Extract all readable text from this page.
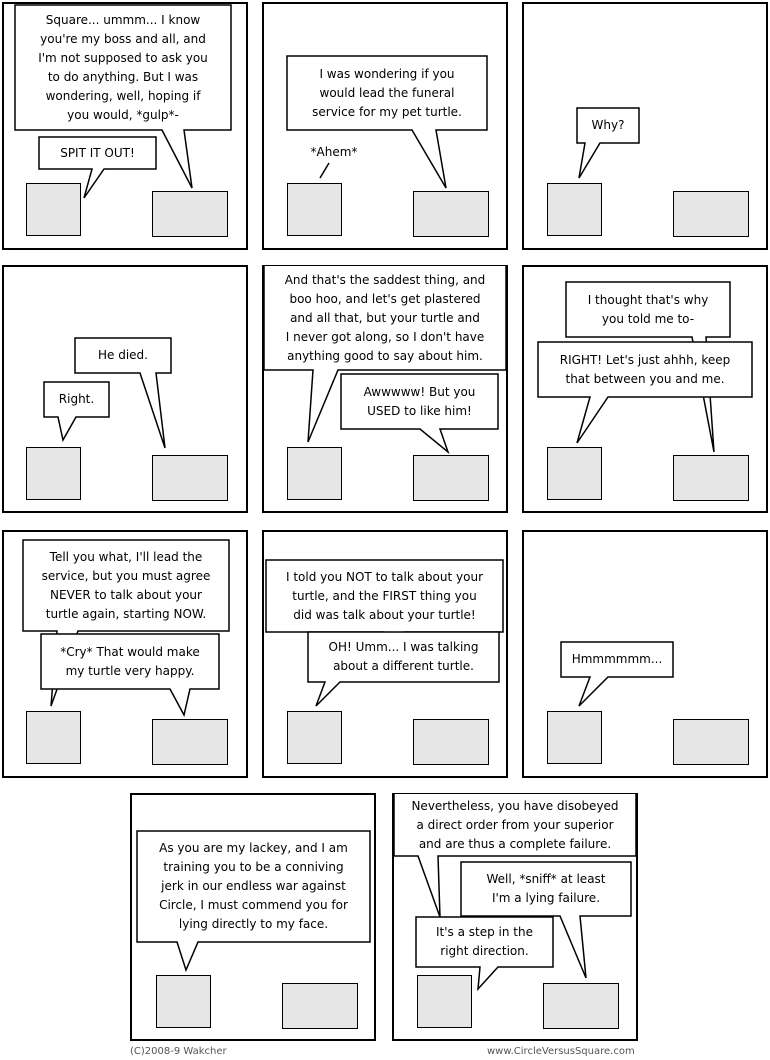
Square... ummm... I know
you're my boss and all, and
I'm not supposed to ask you
to do anything. But I was
wondering, well, hoping if
you would, *gulp*-
SPIT IT OUT!
I was wondering if you
would lead the funeral
service for my pet turtle.
*Ahem*
Why?
He died.
Right.
And that's the saddest thing, and
boo hoo, and let's get plastered
and all that, but your turtle and
I never got along, so I don't have
anything good to say about him.
Awwwww! But you
USED to like him!
I thought that's why
you told me to-
RIGHT! Let's just ahhh, keep
that between you and me.
Tell you what, I'll lead the
service, but you must agree
NEVER to talk about your
turtle again, starting NOW.
*Cry* That would make
my turtle very happy.
I told you NOT to talk about your
turtle, and the FIRST thing you
did was talk about your turtle!
OH! Umm... I was talking
about a different turtle.	Hmmmmmm...
As you are my lackey, and I am
training you to be a conniving
jerk in our endless war against
Circle, I must commend you for
lying directly to my face.
Nevertheless, you have disobeyed
a direct order from your superior
and are thus a complete failure.
Well, *sniff* at least
I'm a lying failure.
It's a step in the
right direction.
(C)2008-9 Wakcher	www.CircleVersusSquare.com
